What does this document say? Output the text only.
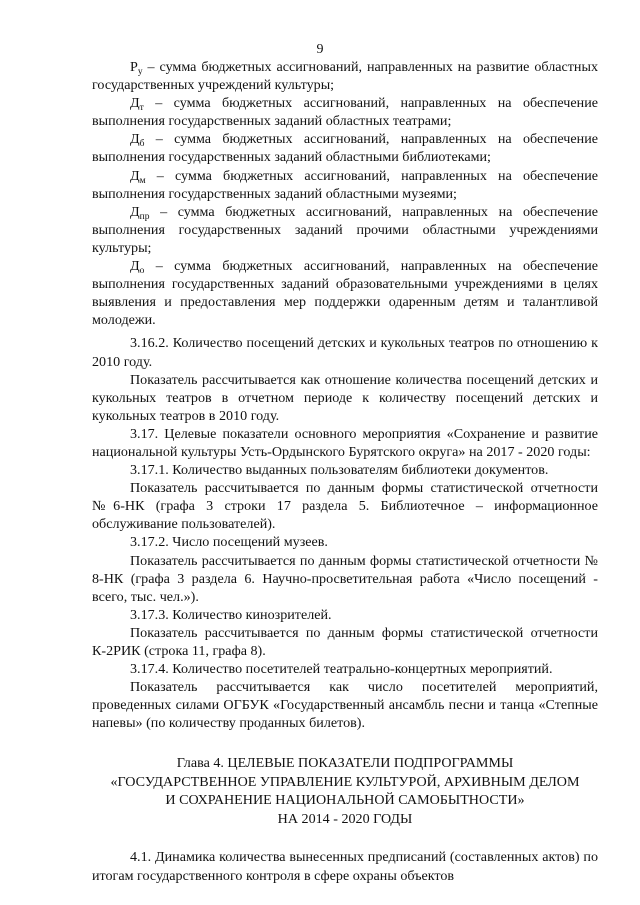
9

$Р_у$ – сумма бюджетных ассигнований, направленных на развитие областных государственных учреждений культуры;

$Д_т$ – сумма бюджетных ассигнований, направленных на обеспечение выполнения государственных заданий областных театрами;

$Д_б$ – сумма бюджетных ассигнований, направленных на обеспечение выполнения государственных заданий областными библиотеками;

$Д_м$ – сумма бюджетных ассигнований, направленных на обеспечение выполнения государственных заданий областными музеями;

$Д_{пр}$ – сумма бюджетных ассигнований, направленных на обеспечение выполнения государственных заданий прочими областными учреждениями культуры;

$Д_о$ – сумма бюджетных ассигнований, направленных на обеспечение выполнения государственных заданий образовательными учреждениями в целях выявления и предоставления мер поддержки одаренным детям и талантливой молодежи.

3.16.2. Количество посещений детских и кукольных театров по отношению к 2010 году.

Показатель рассчитывается как отношение количества посещений детских и кукольных театров в отчетном периоде к количеству посещений детских и кукольных театров в 2010 году.

3.17. Целевые показатели основного мероприятия «Сохранение и развитие национальной культуры Усть-Ордынского Бурятского округа» на 2017 - 2020 годы:

3.17.1. Количество выданных пользователям библиотеки документов.

Показатель рассчитывается по данным формы статистической отчетности №6-НК (графа 3 строки 17 раздела 5. Библиотечное – информационное обслуживание пользователей).

3.17.2. Число посещений музеев.

Показатель рассчитывается по данным формы статистической отчетности № 8-НК (графа 3 раздела 6. Научно-просветительная работа «Число посещений - всего, тыс. чел.»).

3.17.3. Количество кинозрителей.

Показатель рассчитывается по данным формы статистической отчетности К-2РИК (строка 11, графа 8).

3.17.4. Количество посетителей театрально-концертных мероприятий.

Показатель рассчитывается как число посетителей мероприятий, проведенных силами ОГБУК «Государственный ансамбль песни и танца «Степные напевы» (по количеству проданных билетов).

Глава 4. ЦЕЛЕВЫЕ ПОКАЗАТЕЛИ ПОДПРОГРАММЫ
«ГОСУДАРСТВЕННОЕ УПРАВЛЕНИЕ КУЛЬТУРОЙ, АРХИВНЫМ ДЕЛОМ
И СОХРАНЕНИЕ НАЦИОНАЛЬНОЙ САМОБЫТНОСТИ»
НА 2014 - 2020 ГОДЫ

4.1. Динамика количества вынесенных предписаний (составленных актов) по итогам государственного контроля в сфере охраны объектов
